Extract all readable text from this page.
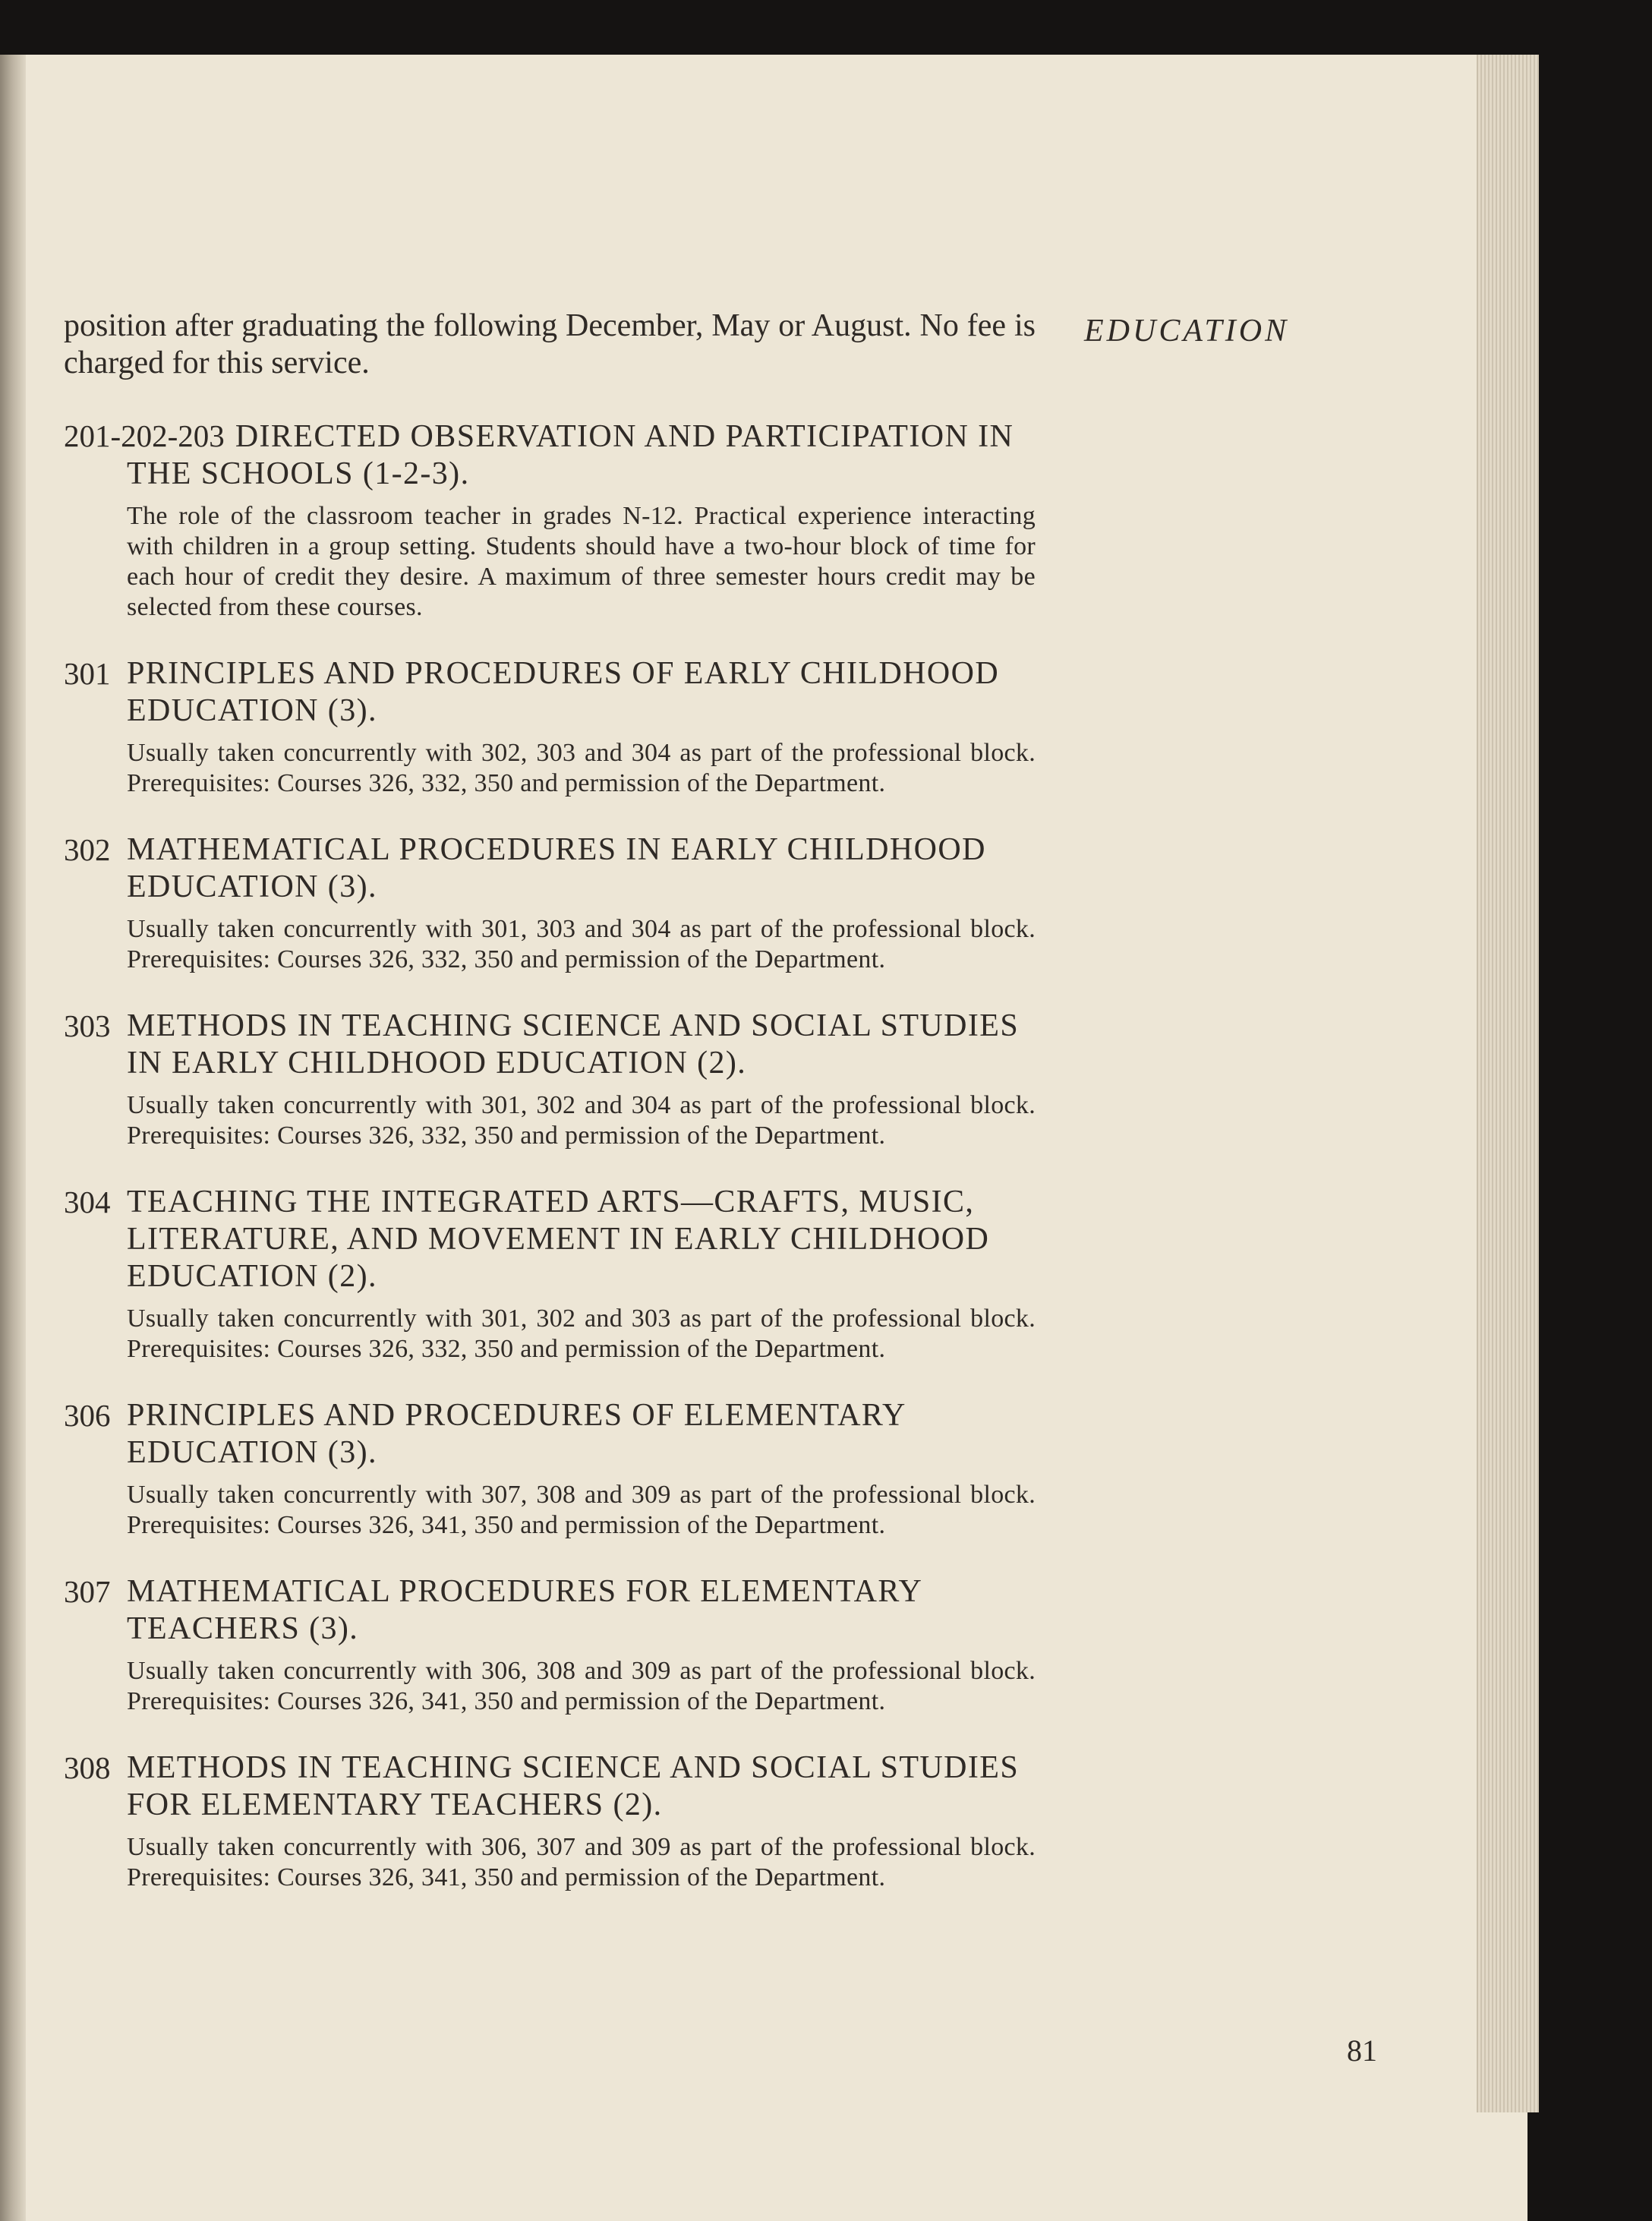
EDUCATION

position after graduating the following December, May or August. No fee is charged for this service.

201-202-203 DIRECTED OBSERVATION AND PARTICIPATION IN THE SCHOOLS (1-2-3).
The role of the classroom teacher in grades N-12. Practical experience interacting with children in a group setting. Students should have a two-hour block of time for each hour of credit they desire. A maximum of three semester hours credit may be selected from these courses.
301 PRINCIPLES AND PROCEDURES OF EARLY CHILDHOOD EDUCATION (3).
Usually taken concurrently with 302, 303 and 304 as part of the professional block. Prerequisites: Courses 326, 332, 350 and permission of the Department.
302 MATHEMATICAL PROCEDURES IN EARLY CHILDHOOD EDUCATION (3).
Usually taken concurrently with 301, 303 and 304 as part of the professional block. Prerequisites: Courses 326, 332, 350 and permission of the Department.
303 METHODS IN TEACHING SCIENCE AND SOCIAL STUDIES IN EARLY CHILDHOOD EDUCATION (2).
Usually taken concurrently with 301, 302 and 304 as part of the professional block. Prerequisites: Courses 326, 332, 350 and permission of the Department.
304 TEACHING THE INTEGRATED ARTS—CRAFTS, MUSIC, LITERATURE, AND MOVEMENT IN EARLY CHILDHOOD EDUCATION (2).
Usually taken concurrently with 301, 302 and 303 as part of the professional block. Prerequisites: Courses 326, 332, 350 and permission of the Department.
306 PRINCIPLES AND PROCEDURES OF ELEMENTARY EDUCATION (3).
Usually taken concurrently with 307, 308 and 309 as part of the professional block. Prerequisites: Courses 326, 341, 350 and permission of the Department.
307 MATHEMATICAL PROCEDURES FOR ELEMENTARY TEACHERS (3).
Usually taken concurrently with 306, 308 and 309 as part of the professional block. Prerequisites: Courses 326, 341, 350 and permission of the Department.
308 METHODS IN TEACHING SCIENCE AND SOCIAL STUDIES FOR ELEMENTARY TEACHERS (2).
Usually taken concurrently with 306, 307 and 309 as part of the professional block. Prerequisites: Courses 326, 341, 350 and permission of the Department.
81
